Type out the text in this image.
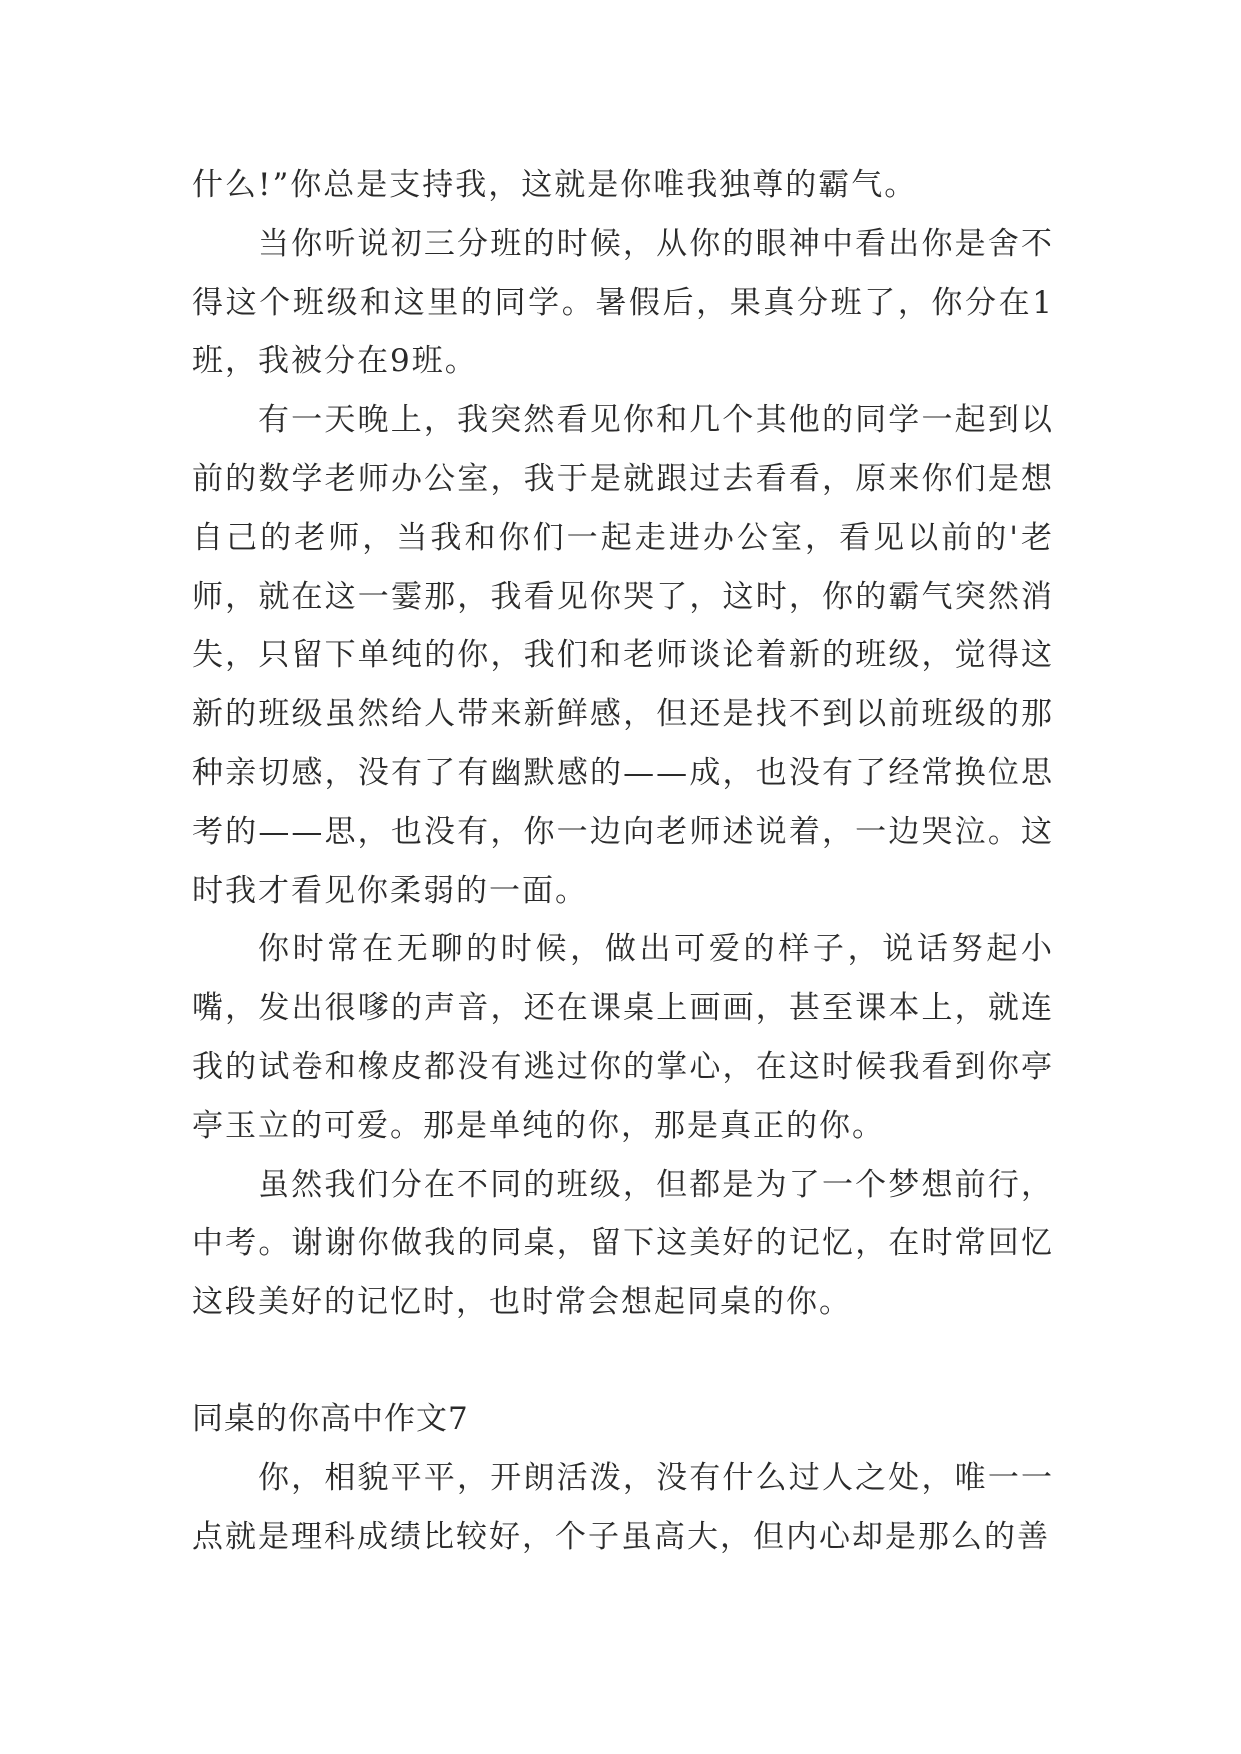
什么!”你总是支持我，这就是你唯我独尊的霸气。

当你听说初三分班的时候，从你的眼神中看出你是舍不得这个班级和这里的同学。暑假后，果真分班了，你分在1班，我被分在9班。

有一天晚上，我突然看见你和几个其他的同学一起到以前的数学老师办公室，我于是就跟过去看看，原来你们是想自己的老师，当我和你们一起走进办公室，看见以前的'老师，就在这一霎那，我看见你哭了，这时，你的霸气突然消失，只留下单纯的你，我们和老师谈论着新的班级，觉得这新的班级虽然给人带来新鲜感，但还是找不到以前班级的那种亲切感，没有了有幽默感的——成，也没有了经常换位思考的——思，也没有，你一边向老师述说着，一边哭泣。这时我才看见你柔弱的一面。

你时常在无聊的时候，做出可爱的样子，说话努起小嘴，发出很嗲的声音，还在课桌上画画，甚至课本上，就连我的试卷和橡皮都没有逃过你的掌心，在这时候我看到你亭亭玉立的可爱。那是单纯的你，那是真正的你。

虽然我们分在不同的班级，但都是为了一个梦想前行，中考。谢谢你做我的同桌，留下这美好的记忆，在时常回忆这段美好的记忆时，也时常会想起同桌的你。

同桌的你高中作文7

你，相貌平平，开朗活泼，没有什么过人之处，唯一一点就是理科成绩比较好，个子虽高大，但内心却是那么的善
